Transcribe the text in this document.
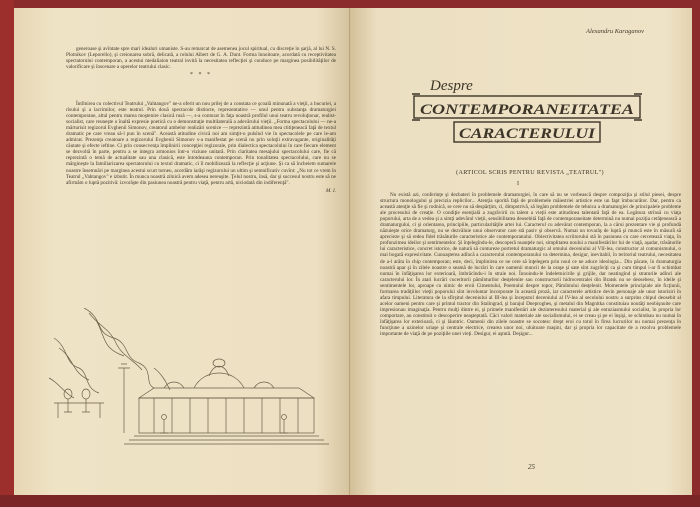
generoase şi avîntate spre mari idealuri umaniste. S-au remarcat de asemenea jocul spiritual, cu discreţie în şarjă, al lui N. S. Plotnikov (Leporello), şi creionarea sobră, delicată, a rolului Albert de G. A. Dunt. Forma înnoitoare, acordată cu receptivitatea spectatorului contemporan, a acestui medaliaion teatral invită la necesitatea reflecţiei şi conduce pe marginea posibilităţilor de valorificare şi înscenare a operelor teatrului clasic.

* * *

Întîlnirea cu colectivul Teatrului „Vahtangov" ne-a oferit un nou prilej de a constata ce şcoală minunată a vieţii, a bucuriei, a rîsului şi a lacrimilor, este teatrul. Prin două spectacole distincte, reprezentative — unul pentru substanţa dramaturgiei contemporane, altul pentru marea moştenire clasică rusă —, s-a conturat în faţa noastră profilul unui teatru revoluţionar, realist-socialist, care reuneşte o înaltă expresie poetică cu o demonstraţie multilaterală a adevărului vieţii. „Forma spectacolului — ne-a mărturisit regizorul Evghenii Simonov, creatorul ambelor realizări scenice — reprezintă atitudinea mea ctitiţeneacă faţă de textul dramatic pe care vreau să-l pun în scenă". Această atitudine civică noi am simţit-o pulsînd vie în spectacolele pe care le-am admirat. Prezenţa creatoare a regizorului Evghenii Simonov s-a manifestat pe scenă nu prin soluţii extravagante, originalităţi căutate şi efecte ieftine. Ci prin consecvenţa împlinirii concepţiei regizorale, prin dialectica spectacolului în care fiecare element se dezvoltă în parte, pentru a se integra armonios într-o viziune unitară. Prin claritatea mesajului spectacolului care, fie că reprezintă o temă de actualitate sau una clasică, este întotdeauna contemporan. Prin tonalitatea spectacolului, care nu se mărgineşte la familiarizarea spectatorului cu textul dramatic, ci îl mobilizează la reflecţie şi acţiune. Şi ca să încheiem sumarele noastre însemnări pe marginea acestui scurt turneu, acordăm iarăşi regizorului un ultim şi semnificativ cuvînt: „Nu tot ce vrem în Teatrul „Vahtangov" e izbutit. În munca noastră zilnică avem adesea nereuşite. Ţelul nostru, însă, dar şi succesul nostru este să ne afirmăm o luptă pozitivă: izvorăşte din pasiunea noastră pentru viaţă, pentru artă, niciodată din indiferenţă".

M. I.
Alexandru Karaganov
Despre
CONTEMPORANEITATEA
CARACTERULUI
(ARTICOL SCRIS PENTRU REVISTA „TEATRUL")
I

Nu există azi, conferinţe şi dezbateri în problemele dramaturgiei, în care să nu se vorbească despre compoziţia şi stilul piesei, despre structura monologului şi precizia replicilor... Atenţia sporită faţă de problemele măiestriei artistice este un fapt îmbucurător. Dar, pentru ca această atenţie să fie şi rodnică, se cere nu să despărţim, ci, dimpotrivă, să legăm problemele de tehnica a dramaturgiei de principalele probleme ale procesului de creaţie. O condiţie esenţială a zugrăvirii cu talent a vieţii este atitudinea talentată faţă de ea. Legătura strînsă cu viaţa poporului, arta de a vedea şi a simţi adevărul vieţii, sensibilitatea deosebită faţă de contemporaneitate determină nu numai poziţia cetăţenească a dramaturgului, ci şi orientarea, principiile, particularităţile artei lui. Caracterul cu adevărat contemporan, la a cărui prezentare vie şi profundă năzuieşte orice dramaturg, nu se dezvăluie unui observator care stă pasiv şi observă. Numai un tovarăş de luptă şi muncă este în măsură să aprecieze şi să redea fidel trăsăturile caracteristice ale contemporanului. Obiectivitatea scriitorului stă în pasiunea cu care cercetează viaţa, în profunzimea ideilor şi sentimentelor. Şi înţelegîndu-le, descoperă nuanţele noi, simplitatea noului a manifestărilor lui de viaţă, aşadar, trăsăturile lui caracteristice, concret istorice, de natură să contureze portretul dramaturgic al omului deceniului al VII-lea, constructor al comunismului, o mai bogată expresivitate. Cunoaşterea adîncă a caracterului contemporanului va determina, desigur, inevitabil, în teritoriul teatrului, necesitatea de a-l arăta în chip contemporan; este, deci, împlinirea ce ne cere să înţelegem prin noul ce ne aduce ideologia... Din păcate, în dramaturgia noastră apar şi în zilele noastre o seamă de lucrări în care oamenii muncii de la oraşe şi sate sînt zugrăviţi ca şi cum timpul i-ar fi schimbat numai în înfăţişarea lor exterioară, îmbrăcîndu-i în straie noi. Înnoindu-le îndeletnicirile şi grijile, dar neatingînd şi straturile adînci ale caracterului lor. În atari lucrări cuceritorii pămînturilor desţelenite sau constructorii hidrocentralei din Bratsk nu se deosebesc, în ideile şi sentimentele lor, aproape cu nimic de eroii Cimentului, Poemului despre topor, Pămîntului desţelenit. Momentele principiale ale ficţiunii, formarea tradiţiilor vieţii poporului sînt involuntar încorporate în această proză, iar caracterele artistice devin personaje ale unor istorisiri în afara timpului. Literatura de la sfîrşitul deceniului al III-lea şi începutul deceniului al IV-lea al secolului nostru a surprins chipul deosebit al acelor oameni pentru care şi primul tractor din Stalingrad, şi barajul Dneproghes, şi metalul din Magnitka constituiau noutăţi neobişnuite care impresionau imaginaţia. Pentru mulţi dintre ei, şi primele manifestări ale dezinteresului material şi ale entuziasmului socialist, în propria lor comportare, au constituit o descoperire neaşteptată. Căci valori materiale ale socialismului, ei se creau şi pe ei înşişi, se schimbau nu numai în înfăţişarea lor exterioară, ci şi lăuntric. Oamenii din zilele noastre se socotesc drept eroi cu totul în firea lucrurilor nu numai prezenţa în funcţiune a uzinelor uriaşe şi centrale electrice, crearea unor noi, uluitoare maşini, dar şi propria lor capacitate de a rezolva problemele importante de viaţă de pe poziţiile unei vieţi. Desigur, ei aştută. Deşigur...

25
